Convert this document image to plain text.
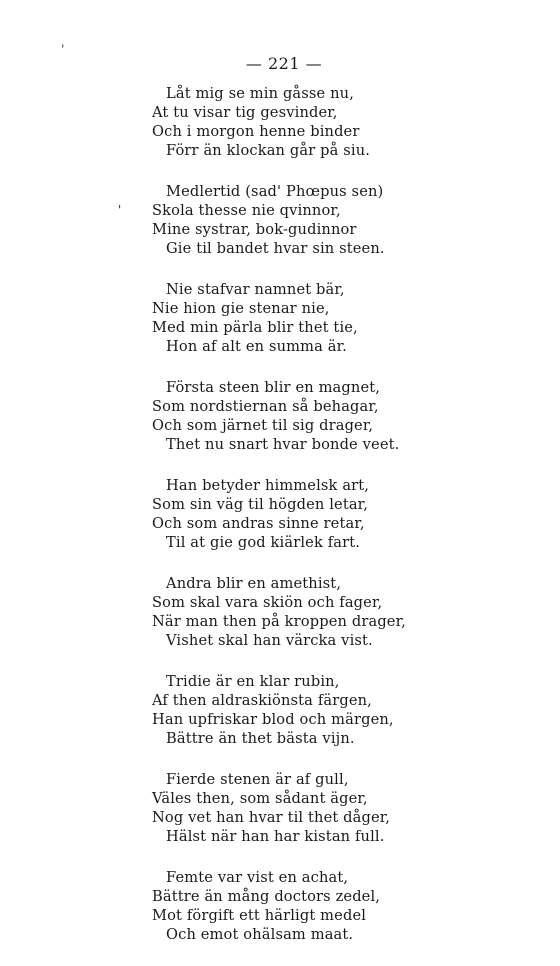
`
'
— 221 —
Låt mig se min gåsse nu,
At tu visar tig gesvinder,
Och i morgon henne binder
Förr än klockan går på siu.
Medlertid (sad' Phœpus sen)
Skola thesse nie qvinnor,
Mine systrar, bok-gudinnor
Gie til bandet hvar sin steen.
Nie stafvar namnet bär,
Nie hion gie stenar nie,
Med min pärla blir thet tie,
Hon af alt en summa är.
Första steen blir en magnet,
Som nordstiernan så behagar,
Och som järnet til sig drager,
Thet nu snart hvar bonde veet.
Han betyder himmelsk art,
Som sin väg til högden letar,
Och som andras sinne retar,
Til at gie god kiärlek fart.
Andra blir en amethist,
Som skal vara skiön och fager,
När man then på kroppen drager,
Vishet skal han värcka vist.
Tridie är en klar rubin,
Af then aldraskiönsta färgen,
Han upfriskar blod och märgen,
Bättre än thet bästa vijn.
Fierde stenen är af gull,
Väles then, som sådant äger,
Nog vet han hvar til thet dåger,
Hälst när han har kistan full.
Femte var vist en achat,
Bättre än mång doctors zedel,
Mot förgift ett härligt medel
Och emot ohälsam maat.
